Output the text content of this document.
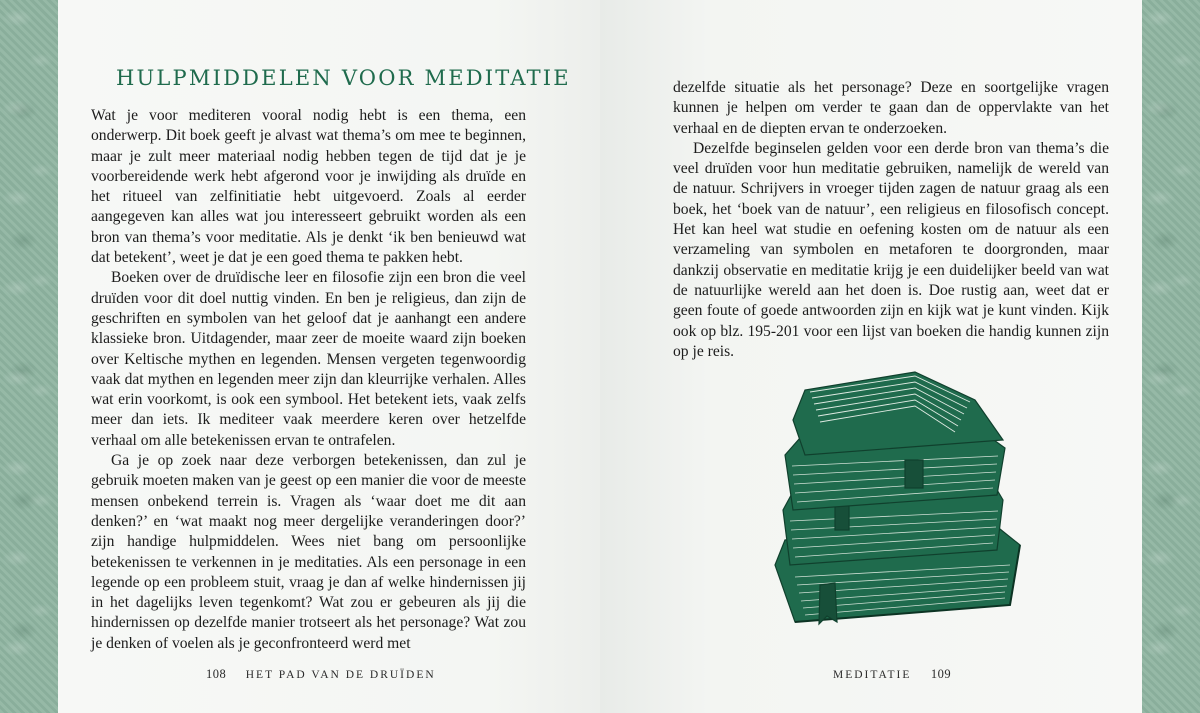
HULPMIDDELEN VOOR MEDITATIE

Wat je voor mediteren vooral nodig hebt is een thema, een onderwerp. Dit boek geeft je alvast wat thema’s om mee te beginnen, maar je zult meer materiaal nodig hebben tegen de tijd dat je je voorbereidende werk hebt afgerond voor je inwijding als druïde en het ritueel van zelfinitiatie hebt uitgevoerd. Zoals al eerder aangegeven kan alles wat jou interesseert gebruikt worden als een bron van thema’s voor meditatie. Als je denkt ‘ik ben benieuwd wat dat betekent’, weet je dat je een goed thema te pakken hebt.

Boeken over de druïdische leer en filosofie zijn een bron die veel druïden voor dit doel nuttig vinden. En ben je religieus, dan zijn de geschriften en symbolen van het geloof dat je aanhangt een andere klassieke bron. Uitdagender, maar zeer de moeite waard zijn boeken over Keltische mythen en legenden. Mensen vergeten tegenwoordig vaak dat mythen en legenden meer zijn dan kleurrijke verhalen. Alles wat erin voorkomt, is ook een symbool. Het betekent iets, vaak zelfs meer dan iets. Ik mediteer vaak meerdere keren over hetzelfde verhaal om alle betekenissen ervan te ontrafelen.

Ga je op zoek naar deze verborgen betekenissen, dan zul je gebruik moeten maken van je geest op een manier die voor de meeste mensen onbekend terrein is. Vragen als ‘waar doet me dit aan denken?’ en ‘wat maakt nog meer dergelijke veranderingen door?’ zijn handige hulpmiddelen. Wees niet bang om persoonlijke betekenissen te verkennen in je meditaties. Als een personage in een legende op een probleem stuit, vraag je dan af welke hindernissen jij in het dagelijks leven tegenkomt? Wat zou er gebeuren als jij die hindernissen op dezelfde manier trotseert als het personage? Wat zou je denken of voelen als je geconfronteerd werd met

108 HET PAD VAN DE DRUÏDEN

dezelfde situatie als het personage? Deze en soortgelijke vragen kunnen je helpen om verder te gaan dan de oppervlakte van het verhaal en de diepten ervan te onderzoeken.

Dezelfde beginselen gelden voor een derde bron van thema’s die veel druïden voor hun meditatie gebruiken, namelijk de wereld van de natuur. Schrijvers in vroeger tijden zagen de natuur graag als een boek, het ‘boek van de natuur’, een religieus en filosofisch concept. Het kan heel wat studie en oefening kosten om de natuur als een verzameling van symbolen en metaforen te doorgronden, maar dankzij observatie en meditatie krijg je een duidelijker beeld van wat de natuurlijke wereld aan het doen is. Doe rustig aan, weet dat er geen foute of goede antwoorden zijn en kijk wat je kunt vinden. Kijk ook op blz. 195-201 voor een lijst van boeken die handig kunnen zijn op je reis.

MEDITATIE 109
